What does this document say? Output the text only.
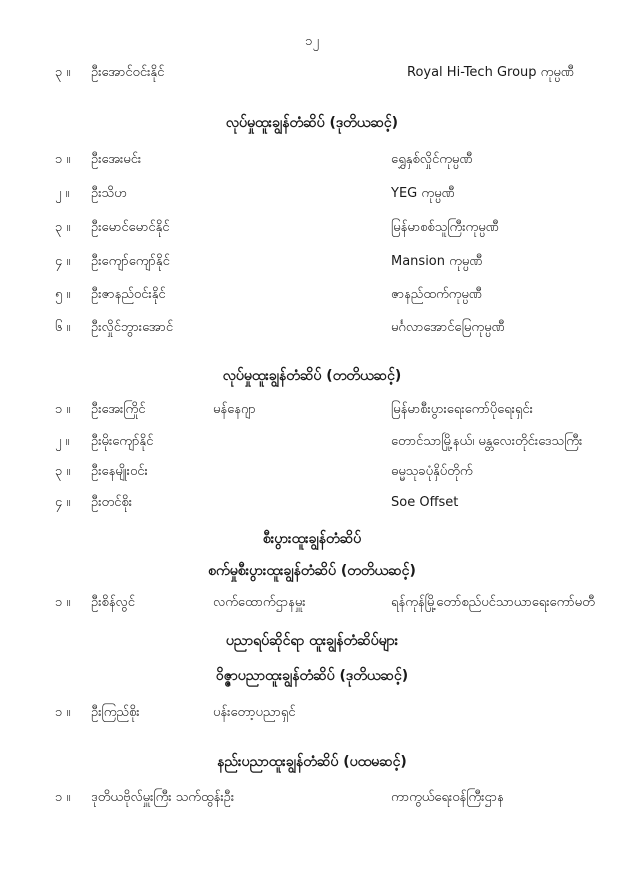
၁၂
၃ ။ ဦးအောင်ဝင်းနိုင်	Royal Hi-Tech Group ကုမ္ပဏီ
လုပ်မှုထူးချွန်တံဆိပ် (ဒုတိယဆင့်)
၁ ။ ဦးအေးမင်း	ရွှေနှစ်လှိုင်ကုမ္ပဏီ
၂ ။ ဦးသိဟ	YEG ကုမ္ပဏီ
၃ ။ ဦးမောင်မောင်နိုင်	မြန်မာစစ်သူကြီးကုမ္ပဏီ
၄ ။ ဦးကျော်ကျော်နိုင်	Mansion ကုမ္ပဏီ
၅ ။ ဦးဇာနည်ဝင်းနိုင်	ဇာနည်ထက်ကုမ္ပဏီ
၆ ။ ဦးလှိုင်ဘွားအောင်	မင်္ဂလာအောင်မြေကုမ္ပဏီ
လုပ်မှုထူးချွန်တံဆိပ် (တတိယဆင့်)
၁ ။ ဦးအေးကြိုင်	မန်နေဂျာ	မြန်မာစီးပွားရေးကော်ပိုရေးရှင်း
၂ ။ ဦးမိုးကျော်နိုင်	တောင်သာမြို့နယ်၊ မန္တလေးတိုင်းဒေသကြီး
၃ ။ ဦးနေမျိုးဝင်း	ဓမ္မသုခပုံနှိပ်တိုက်
၄ ။ ဦးတင်စိုး	Soe Offset
စီးပွားထူးချွန်တံဆိပ်
စက်မှုစီးပွားထူးချွန်တံဆိပ် (တတိယဆင့်)
၁ ။ ဦးစိန်လွင်	လက်ထောက်ဌာနမှူး	ရန်ကုန်မြို့တော်စည်ပင်သာယာရေးကော်မတီ
ပညာရပ်ဆိုင်ရာ ထူးချွန်တံဆိပ်များ
ဝိဇ္ဇာပညာထူးချွန်တံဆိပ် (ဒုတိယဆင့်)
၁ ။ ဦးကြည်စိုး	ပန်းတော့ပညာရှင်
နည်းပညာထူးချွန်တံဆိပ် (ပထမဆင့်)
၁ ။ ဒုတိယဗိုလ်မှူးကြီး သက်ထွန်းဦး	ကာကွယ်ရေးဝန်ကြီးဌာန
